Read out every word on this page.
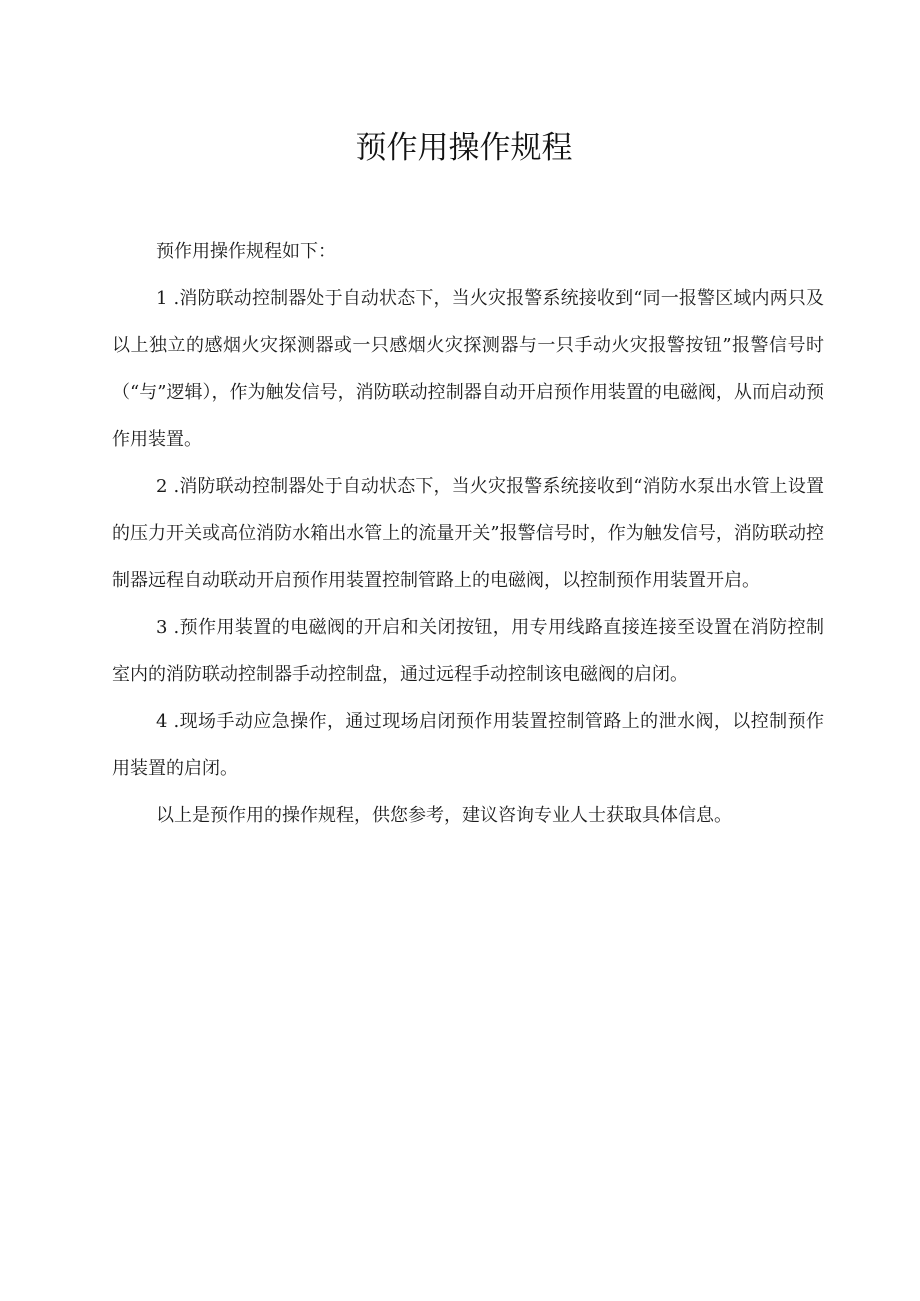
预作用操作规程

预作用操作规程如下：

1 .消防联动控制器处于自动状态下，当火灾报警系统接收到“同一报警区域内两只及以上独立的感烟火灾探测器或一只感烟火灾探测器与一只手动火灾报警按钮”报警信号时（“与”逻辑），作为触发信号，消防联动控制器自动开启预作用装置的电磁阀，从而启动预作用装置。

2 .消防联动控制器处于自动状态下，当火灾报警系统接收到“消防水泵出水管上设置的压力开关或高位消防水箱出水管上的流量开关”报警信号时，作为触发信号，消防联动控制器远程自动联动开启预作用装置控制管路上的电磁阀，以控制预作用装置开启。

3 .预作用装置的电磁阀的开启和关闭按钮，用专用线路直接连接至设置在消防控制室内的消防联动控制器手动控制盘，通过远程手动控制该电磁阀的启闭。

4 .现场手动应急操作，通过现场启闭预作用装置控制管路上的泄水阀，以控制预作用装置的启闭。

以上是预作用的操作规程，供您参考，建议咨询专业人士获取具体信息。
